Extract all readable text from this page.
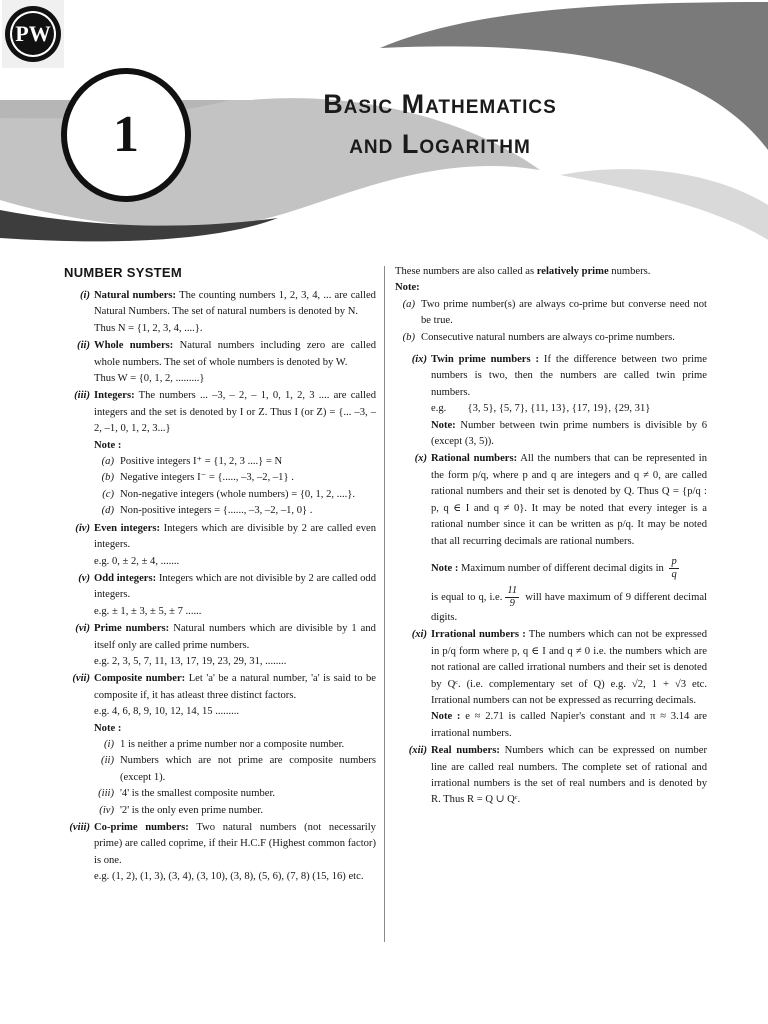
PW
1
Basic Mathematics
and Logarithm
NUMBER SYSTEM
(i) Natural numbers: The counting numbers 1, 2, 3, 4, ... are called Natural Numbers. The set of natural numbers is denoted by N.
Thus N = {1, 2, 3, 4, ....}.
(ii) Whole numbers: Natural numbers including zero are called whole numbers. The set of whole numbers is denoted by W.
Thus W = {0, 1, 2, .........}
(iii) Integers: The numbers ... –3, – 2, – 1, 0, 1, 2, 3 .... are called integers and the set is denoted by I or Z. Thus I (or Z) = {... –3, –2, –1, 0, 1, 2, 3...}
Note :
(a) Positive integers I⁺ = {1, 2, 3 ....} = N
(b) Negative integers I⁻ = {....., –3, –2, –1} .
(c) Non-negative integers (whole numbers) = {0, 1, 2, ....}.
(d) Non-positive integers = {......, –3, –2, –1, 0} .
(iv) Even integers: Integers which are divisible by 2 are called even integers.
e.g. 0, ± 2, ± 4, .......
(v) Odd integers: Integers which are not divisible by 2 are called odd integers.
e.g. ± 1, ± 3, ± 5, ± 7 ......
(vi) Prime numbers: Natural numbers which are divisible by 1 and itself only are called prime numbers.
e.g. 2, 3, 5, 7, 11, 13, 17, 19, 23, 29, 31, ........
(vii) Composite number: Let 'a' be a natural number, 'a' is said to be composite if, it has atleast three distinct factors.
e.g. 4, 6, 8, 9, 10, 12, 14, 15 .........
Note :
(i) 1 is neither a prime number nor a composite number.
(ii) Numbers which are not prime are composite numbers (except 1).
(iii) '4' is the smallest composite number.
(iv) '2' is the only even prime number.
(viii) Co-prime numbers: Two natural numbers (not necessarily prime) are called coprime, if their H.C.F (Highest common factor) is one.
e.g. (1, 2), (1, 3), (3, 4), (3, 10), (3, 8), (5, 6), (7, 8) (15, 16) etc.
These numbers are also called as relatively prime numbers.
Note:
(a) Two prime number(s) are always co-prime but converse need not be true.
(b) Consecutive natural numbers are always co-prime numbers.
(ix) Twin prime numbers : If the difference between two prime numbers is two, then the numbers are called twin prime numbers.
e.g. {3, 5}, {5, 7}, {11, 13}, {17, 19}, {29, 31}
Note: Number between twin prime numbers is divisible by 6 (except (3, 5)).
(x) Rational numbers: All the numbers that can be represented in the form p/q, where p and q are integers and q ≠ 0, are called rational numbers and their set is denoted by Q. Thus Q = {p/q : p, q ∈ I and q ≠ 0}. It may be noted that every integer is a rational number since it can be written as p/q. It may be noted that all recurring decimals are rational numbers.
Note : Maximum number of different decimal digits in $\frac{p}{q}$
is equal to q, i.e. $\frac{11}{9}$ will have maximum of 9 different decimal digits.
(xi) Irrational numbers : The numbers which can not be expressed in p/q form where p, q ∈ I and q ≠ 0 i.e. the numbers which are not rational are called irrational numbers and their set is denoted by Qᶜ. (i.e. complementary set of Q) e.g. √2, 1 + √3 etc. Irrational numbers can not be expressed as recurring decimals.
Note : e ≈ 2.71 is called Napier's constant and π ≈ 3.14 are irrational numbers.
(xii) Real numbers: Numbers which can be expressed on number line are called real numbers. The complete set of rational and irrational numbers is the set of real numbers and is denoted by R. Thus R = Q ∪ Qᶜ.
